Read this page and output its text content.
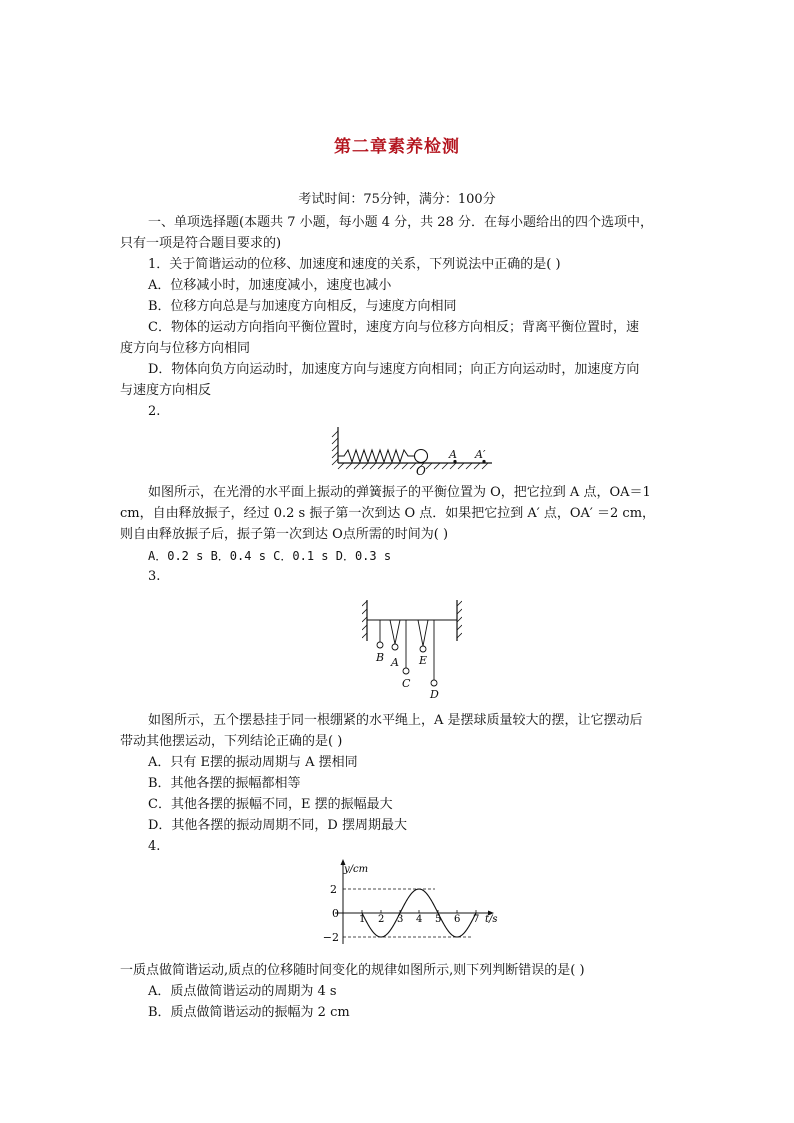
第二章素养检测
考试时间：75分钟，满分：100分
一、单项选择题(本题共 7 小题，每小题 4 分，共 28 分．在每小题给出的四个选项中，
只有一项是符合题目要求的)
1．关于简谐运动的位移、加速度和速度的关系，下列说法中正确的是( )
A．位移减小时，加速度减小，速度也减小
B．位移方向总是与加速度方向相反，与速度方向相同
C．物体的运动方向指向平衡位置时，速度方向与位移方向相反；背离平衡位置时，速
度方向与位移方向相同
D．物体向负方向运动时，加速度方向与速度方向相同；向正方向运动时，加速度方向
与速度方向相反
2.
O
A A′
如图所示，在光滑的水平面上振动的弹簧振子的平衡位置为 O，把它拉到 A 点，OA＝1
cm，自由释放振子，经过 0.2 s 振子第一次到达 O 点．如果把它拉到 A′ 点，OA′ ＝2 cm，
则自由释放振子后，振子第一次到达 O点所需的时间为( )
A．0.2 s B．0.4 s C．0.1 s D．0.3 s
3.
B A
C
E
D
如图所示，五个摆悬挂于同一根绷紧的水平绳上，A 是摆球质量较大的摆，让它摆动后
带动其他摆运动，下列结论正确的是( )
A．只有 E摆的振动周期与 A 摆相同
B．其他各摆的振幅都相等
C．其他各摆的振幅不同，E 摆的振幅最大
D．其他各摆的振动周期不同，D 摆周期最大
4.
1 2 3 4 5 6 7
y/cm
t/s
2
0
−2
一质点做简谐运动,质点的位移随时间变化的规律如图所示,则下列判断错误的是( )
A．质点做简谐运动的周期为 4 s
B．质点做简谐运动的振幅为 2 cm
